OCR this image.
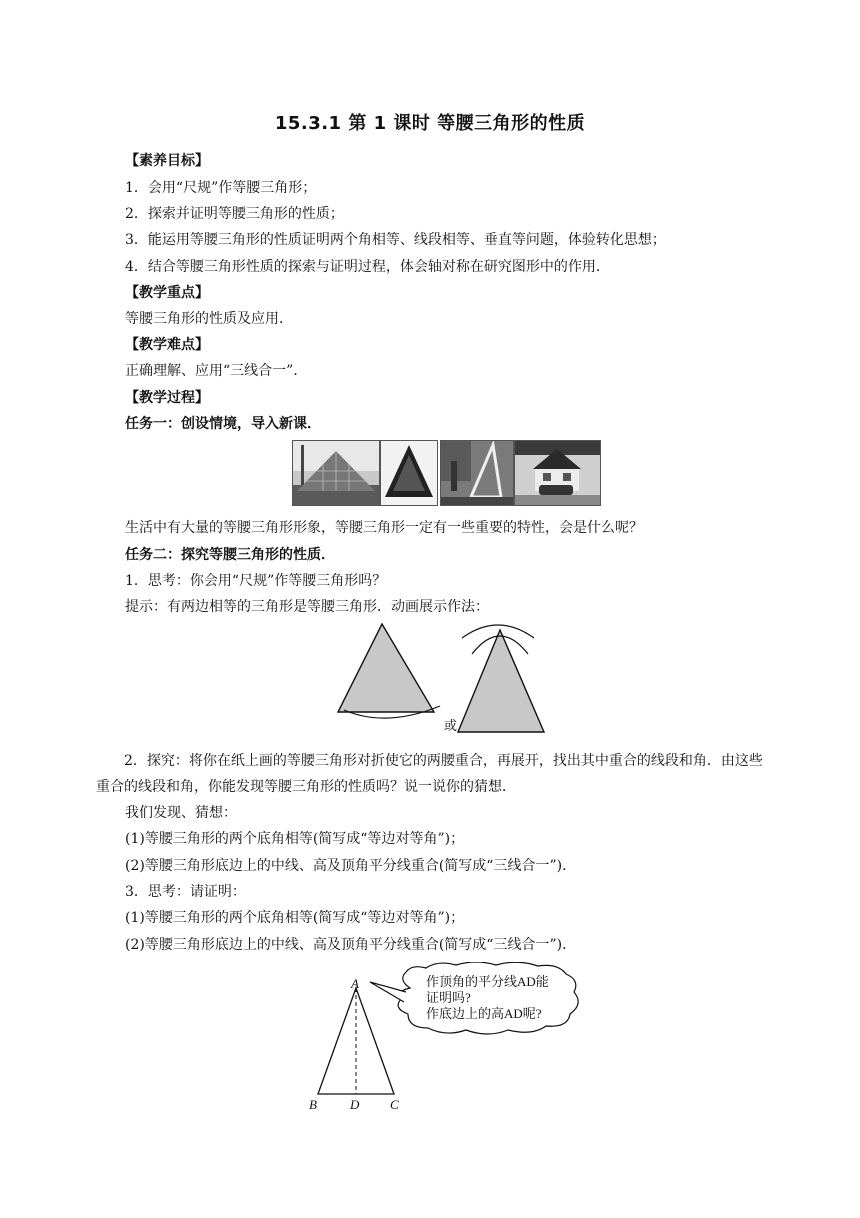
15.3.1 第 1 课时 等腰三角形的性质
【素养目标】
1．会用“尺规”作等腰三角形；
2．探索并证明等腰三角形的性质；
3．能运用等腰三角形的性质证明两个角相等、线段相等、垂直等问题，体验转化思想；
4．结合等腰三角形性质的探索与证明过程，体会轴对称在研究图形中的作用．
【教学重点】
等腰三角形的性质及应用．
【教学难点】
正确理解、应用“三线合一”．
【教学过程】
任务一：创设情境，导入新课．
生活中有大量的等腰三角形形象，等腰三角形一定有一些重要的特性，会是什么呢？
任务二：探究等腰三角形的性质．
1．思考：你会用“尺规”作等腰三角形吗？
提示：有两边相等的三角形是等腰三角形．动画展示作法：
或
2．探究：将你在纸上画的等腰三角形对折使它的两腰重合，再展开，找出其中重合的线段和角．由这些重合的线段和角，你能发现等腰三角形的性质吗？说一说你的猜想．
我们发现、猜想：
(1)等腰三角形的两个底角相等(简写成“等边对等角”)；
(2)等腰三角形底边上的中线、高及顶角平分线重合(简写成“三线合一”)．
3．思考：请证明：
(1)等腰三角形的两个底角相等(简写成“等边对等角”)；
(2)等腰三角形底边上的中线、高及顶角平分线重合(简写成“三线合一”)．
A
B	D C
作顶角的平分线AD能
证明吗?
作底边上的高AD呢?
